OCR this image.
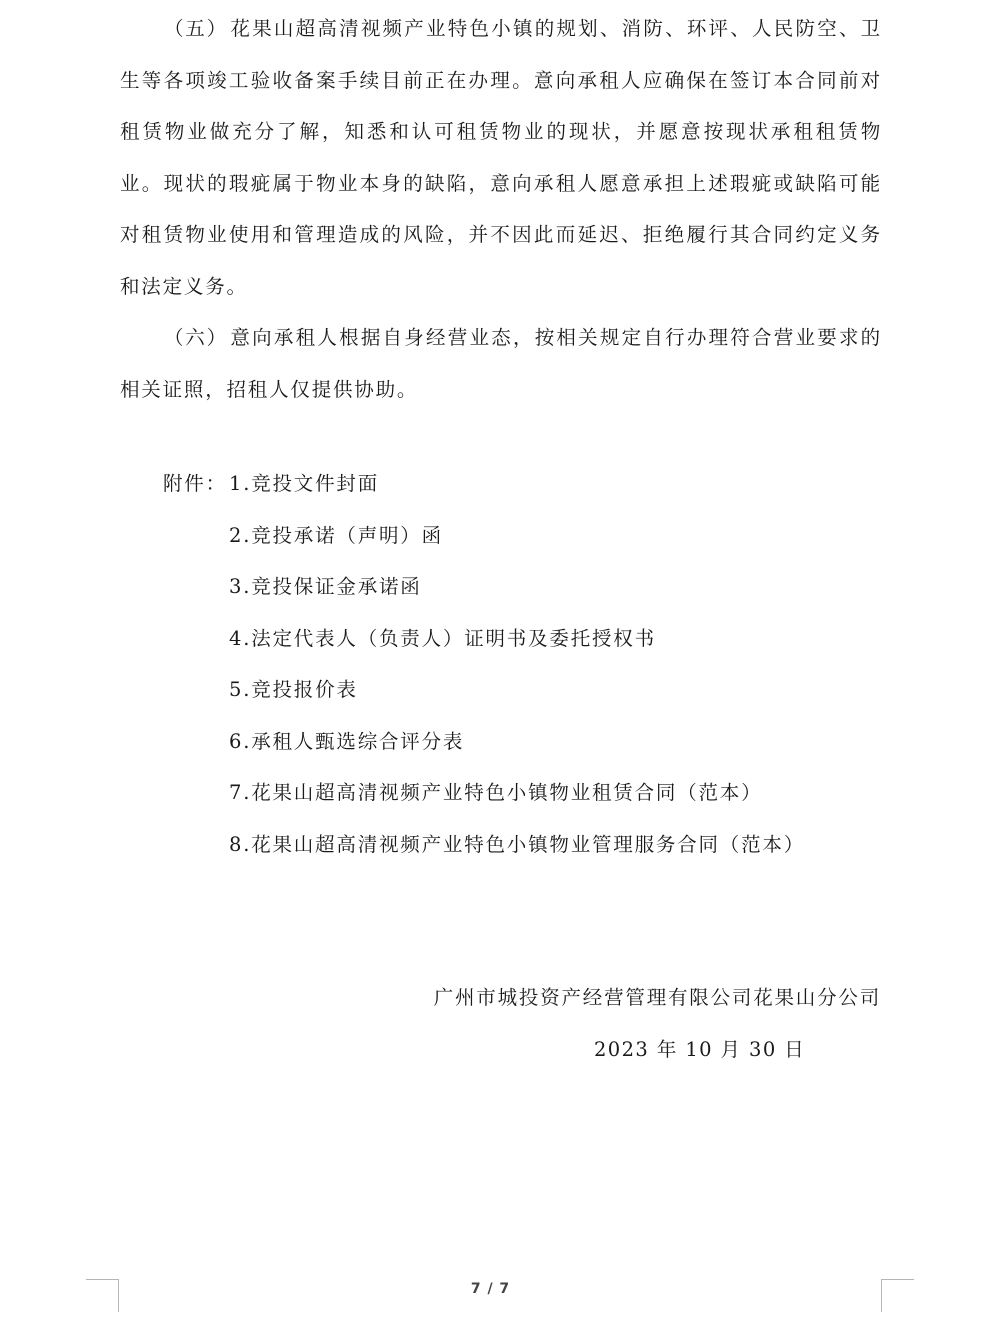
（五） 花果山超高清视频产业特色小镇的规划、消防、环评、人民防空、卫生等各项竣工验收备案手续目前正在办理。意向承租人应确保在签订本合同前对租赁物业做充分了解，知悉和认可租赁物业的现状，并愿意按现状承租租赁物业。现状的瑕疵属于物业本身的缺陷，意向承租人愿意承担上述瑕疵或缺陷可能对租赁物业使用和管理造成的风险，并不因此而延迟、拒绝履行其合同约定义务和法定义务。

（六） 意向承租人根据自身经营业态，按相关规定自行办理符合营业要求的相关证照，招租人仅提供协助。

附件： 1.竞投文件封面
2.竞投承诺（声明）函
3.竞投保证金承诺函
4.法定代表人（负责人）证明书及委托授权书
5.竞投报价表
6.承租人甄选综合评分表
7.花果山超高清视频产业特色小镇物业租赁合同（范本）
8.花果山超高清视频产业特色小镇物业管理服务合同（范本）
广州市城投资产经营管理有限公司花果山分公司
2023 年 10 月 30 日
7 / 7
